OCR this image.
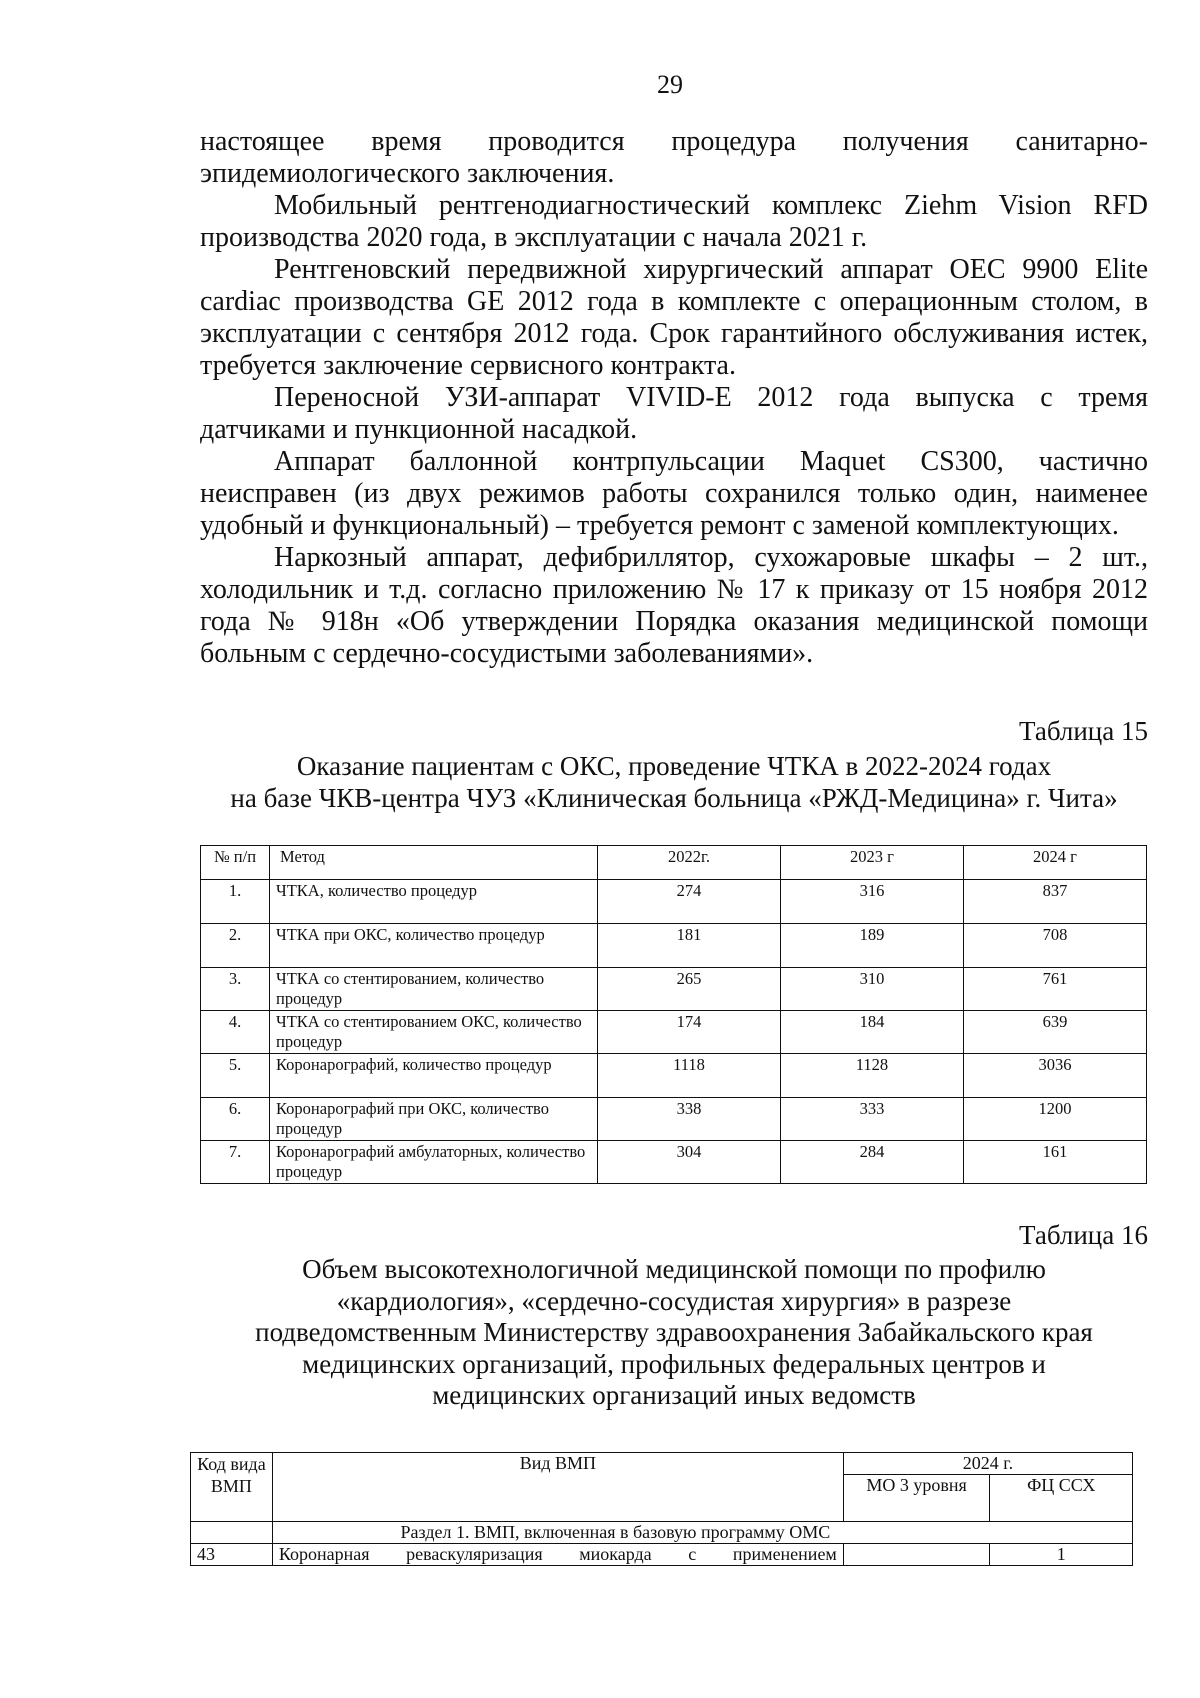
29

настоящее время проводится процедура получения санитарно-эпидемиологического заключения.

Мобильный рентгенодиагностический комплекс Ziehm Vision RFD производства 2020 года, в эксплуатации с начала 2021 г.

Рентгеновский передвижной хирургический аппарат OEC 9900 Elite cardiac производства GE 2012 года в комплекте с операционным столом, в эксплуатации с сентября 2012 года. Срок гарантийного обслуживания истек, требуется заключение сервисного контракта.

Переносной УЗИ-аппарат VIVID-E 2012 года выпуска с тремя датчиками и пункционной насадкой.

Аппарат баллонной контрпульсации Maquet CS300, частично неисправен (из двух режимов работы сохранился только один, наименее удобный и функциональный) – требуется ремонт с заменой комплектующих.

Наркозный аппарат, дефибриллятор, сухожаровые шкафы – 2 шт., холодильник и т.д. согласно приложению № 17 к приказу от 15 ноября 2012 года № 918н «Об утверждении Порядка оказания медицинской помощи больным с сердечно-сосудистыми заболеваниями».

Таблица 15
Оказание пациентам с ОКС, проведение ЧТКА в 2022-2024 годах
на базе ЧКВ-центра ЧУЗ «Клиническая больница «РЖД-Медицина» г. Чита»
№ п/п	Метод	2022г.	2023 г	2024 г
1.	ЧТКА, количество процедур	274	316	837
2.	ЧТКА при ОКС, количество процедур	181	189	708
3.	ЧТКА со стентированием, количество процедур	265	310	761
4.	ЧТКА со стентированием ОКС, количество процедур	174	184	639
5.	Коронарографий, количество процедур	1118	1128	3036
6.	Коронарографий при ОКС, количество процедур	338	333	1200
7.	Коронарографий амбулаторных, количество процедур	304	284	161
Таблица 16
Объем высокотехнологичной медицинской помощи по профилю
«кардиология», «сердечно-сосудистая хирургия» в разрезе
подведомственным Министерству здравоохранения Забайкальского края
медицинских организаций, профильных федеральных центров и
медицинских организаций иных ведомств
Код вида ВМП	Вид ВМП	2024 г.	
		МО 3 уровня	ФЦ ССХ
	Раздел 1. ВМП, включенная в базовую программу ОМС		
43	Коронарная реваскуляризация миокарда с применением		1
